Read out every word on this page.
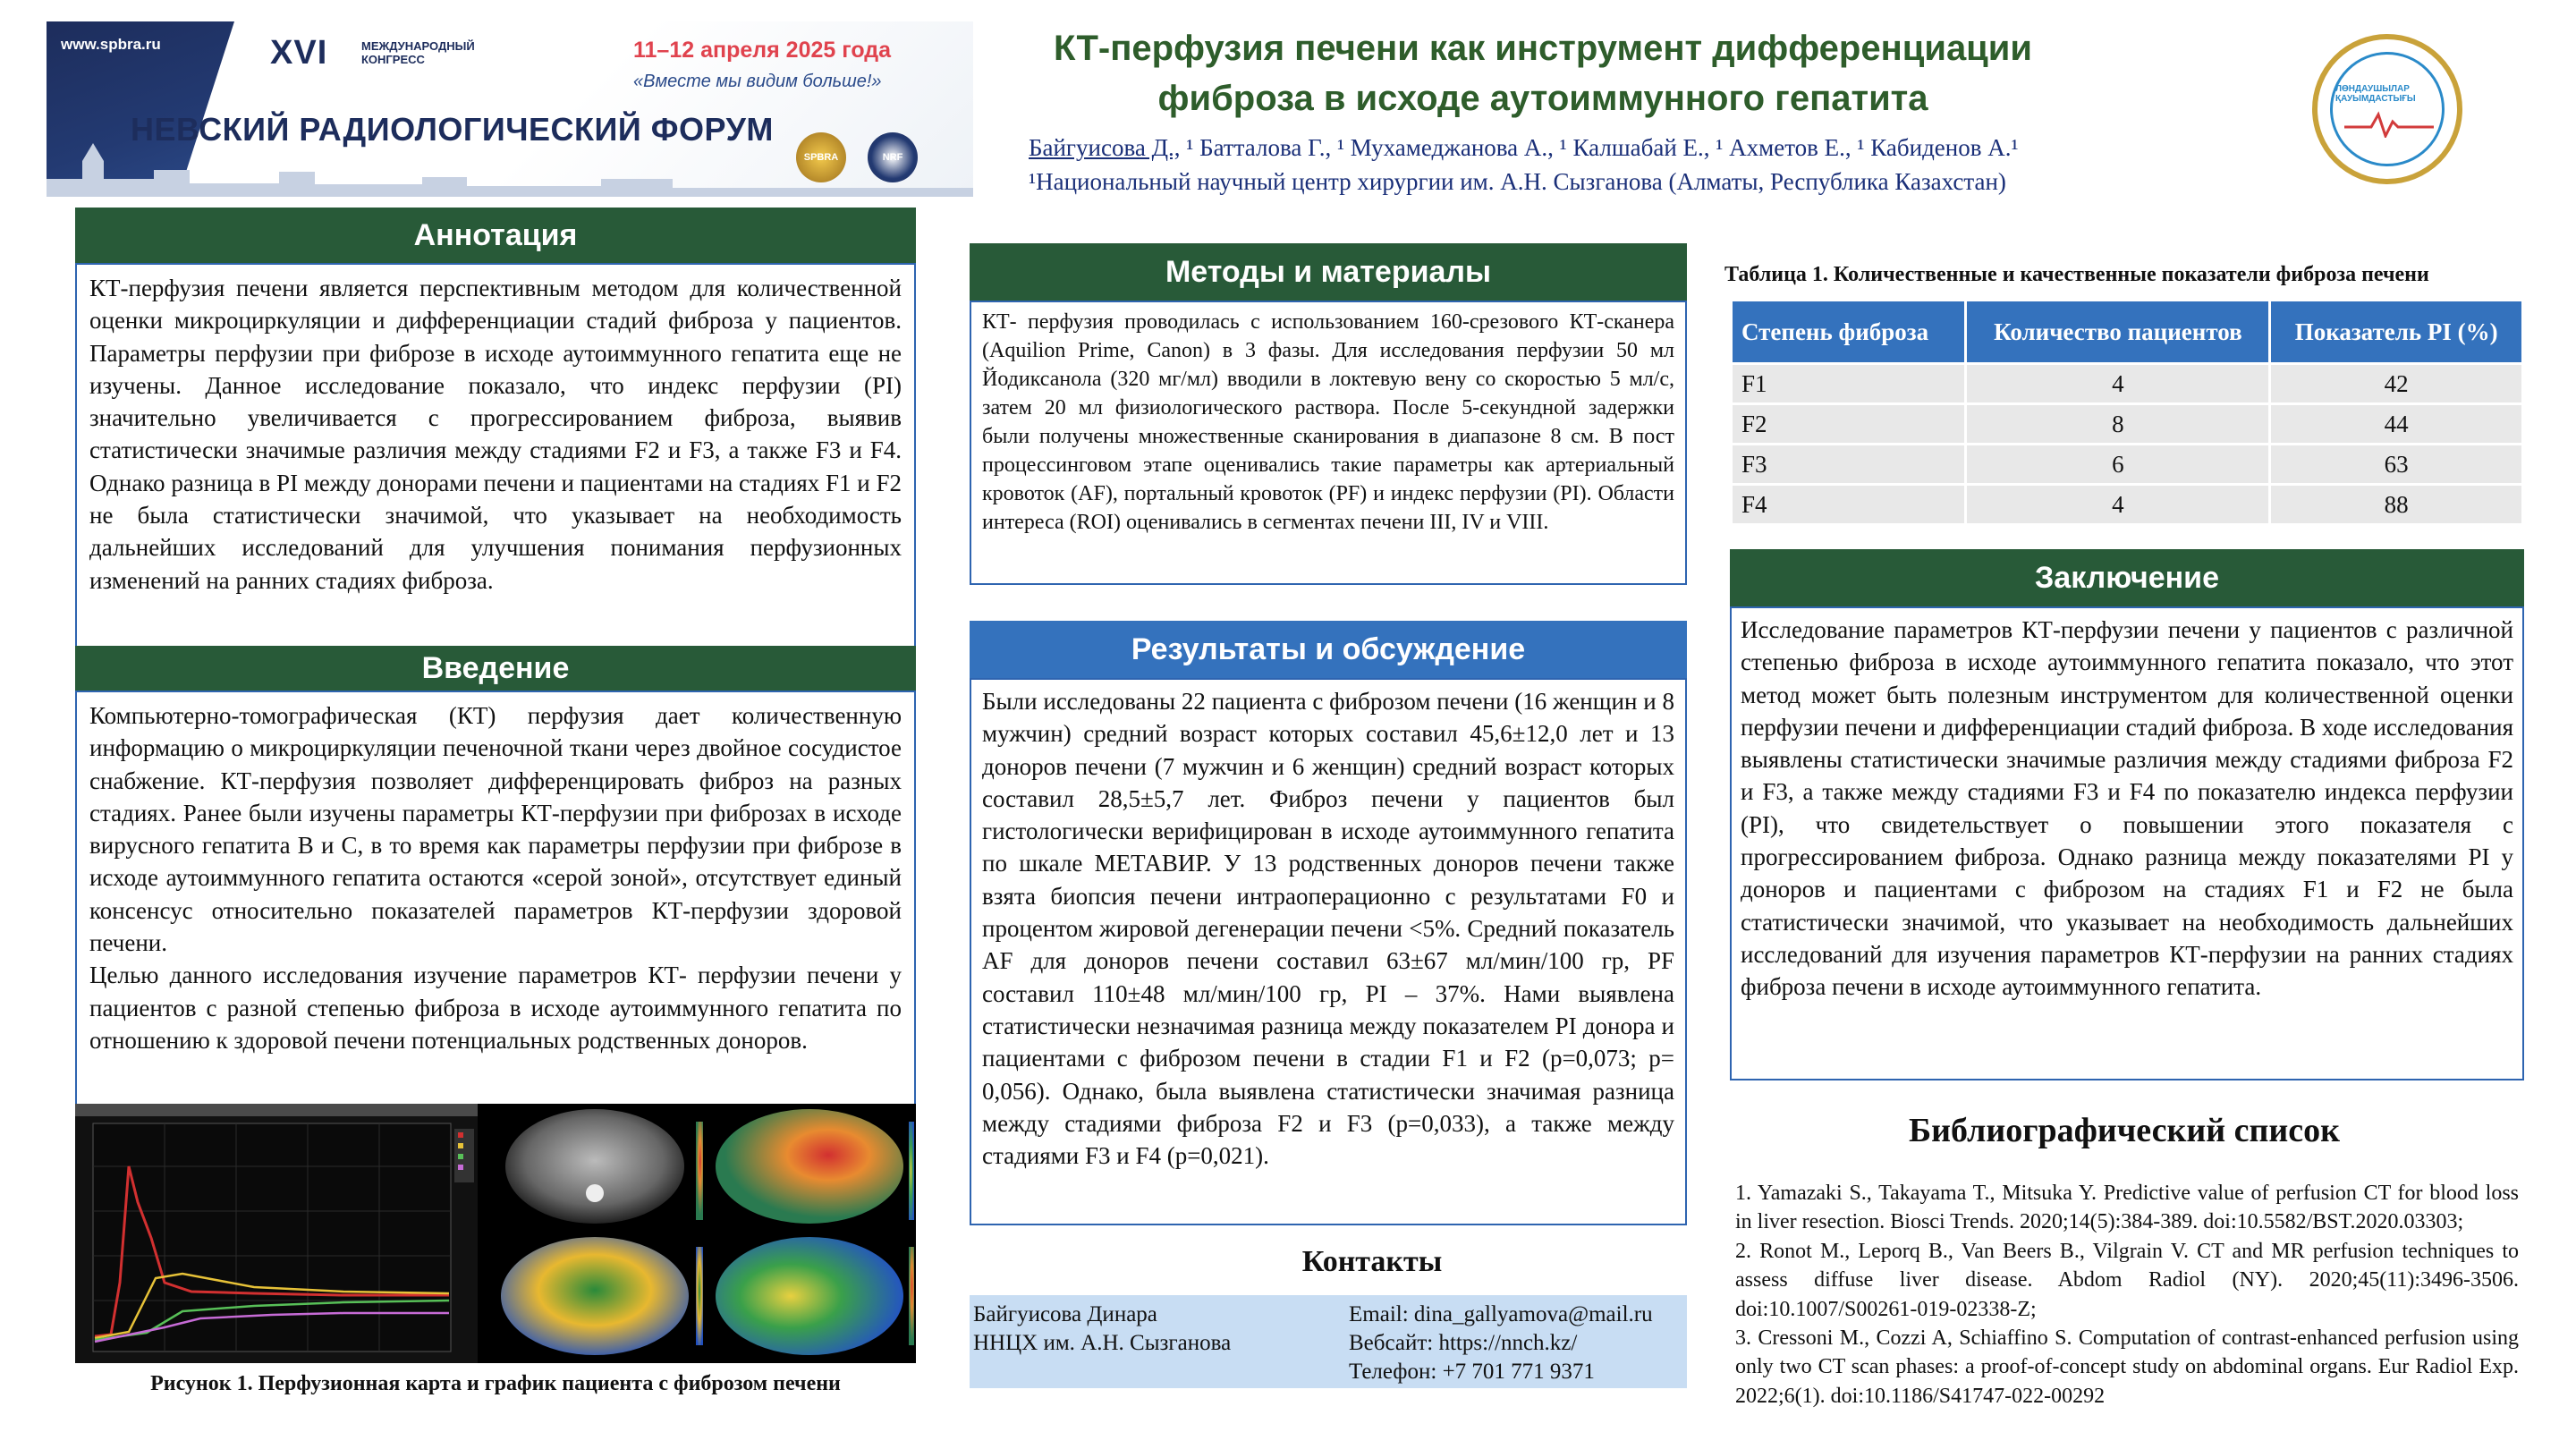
www.spbra.ru	XVI	МЕЖДУНАРОДНЫЙ КОНГРЕСС	11–12 апреля 2025 года
«Вместе мы видим больше!»
НЕВСКИЙ РАДИОЛОГИЧЕСКИЙ ФОРУМ
SPBRA	NRF
КТ-перфузия печени как инструмент дифференциации
фиброза в исходе аутоиммунного гепатита
Байгуисова Д., ¹ Батталова Г., ¹ Мухамеджанова А., ¹ Калшабай Е., ¹ Ахметов Е., ¹ Кабиденов А.¹
¹Национальный научный центр хирургии им. А.Н. Сызганова (Алматы, Республика Казахстан)
ЛӨНДАУШЫЛАР ҚАУЫМДАСТЫҒЫ
Аннотация
КТ-перфузия печени является перспективным методом для количественной оценки микроциркуляции и дифференциации стадий фиброза у пациентов. Параметры перфузии при фиброзе в исходе аутоиммунного гепатита еще не изучены. Данное исследование показало, что индекс перфузии (PI) значительно увеличивается с прогрессированием фиброза, выявив статистически значимые различия между стадиями F2 и F3, а также F3 и F4. Однако разница в PI между донорами печени и пациентами на стадиях F1 и F2 не была статистически значимой, что указывает на необходимость дальнейших исследований для улучшения понимания перфузионных изменений на ранних стадиях фиброза.
Введение

Компьютерно-томографическая (КТ) перфузия дает количественную информацию о микроциркуляции печеночной ткани через двойное сосудистое снабжение. КТ-перфузия позволяет дифференцировать фиброз на разных стадиях. Ранее были изучены параметры КТ-перфузии при фиброзах в исходе вирусного гепатита B и C, в то время как параметры перфузии при фиброзе в исходе аутоиммунного гепатита остаются «серой зоной», отсутствует единый консенсус относительно показателей параметров КТ-перфузии здоровой печени.

Целью данного исследования изучение параметров КТ- перфузии печени у пациентов с разной степенью фиброза в исходе аутоиммунного гепатита по отношению к здоровой печени потенциальных родственных доноров.

Рисунок 1. Перфузионная карта и график пациента с фиброзом печени
Методы и материалы
КТ- перфузия проводилась с использованием 160-срезового КТ-сканера (Aquilion Prime, Canon) в 3 фазы. Для исследования перфузии 50 мл Йодиксанола (320 мг/мл) вводили в локтевую вену со скоростью 5 мл/с, затем 20 мл физиологического раствора. После 5-секундной задержки были получены множественные сканирования в диапазоне 8 см. В пост процессинговом этапе оценивались такие параметры как артериальный кровоток (AF), портальный кровоток (PF) и индекс перфузии (PI). Области интереса (ROI) оценивались в сегментах печени III, IV и VIII.
Результаты и обсуждение
Были исследованы 22 пациента с фиброзом печени (16 женщин и 8 мужчин) средний возраст которых составил 45,6±12,0 лет и 13 доноров печени (7 мужчин и 6 женщин) средний возраст которых составил 28,5±5,7 лет. Фиброз печени у пациентов был гистологически верифицирован в исходе аутоиммунного гепатита по шкале МЕТАВИР. У 13 родственных доноров печени также взята биопсия печени интраоперационно с результатами F0 и процентом жировой дегенерации печени <5%. Средний показатель AF для доноров печени составил 63±67 мл/мин/100 гр, PF составил 110±48 мл/мин/100 гр, PI – 37%. Нами выявлена статистически незначимая разница между показателем PI донора и пациентами с фиброзом печени в стадии F1 и F2 (p=0,073; p= 0,056). Однако, была выявлена статистически значимая разница между стадиями фиброза F2 и F3 (p=0,033), а также между стадиями F3 и F4 (p=0,021).
Контакты
Байгуисова Динара
ННЦХ им. А.Н. Сызганова
Email: dina_gallyamova@mail.ru
Вебсайт: https://nnch.kz/
Телефон: +7 701 771 9371
Таблица 1. Количественные и качественные показатели фиброза печени
Степень фиброза	Количество пациентов	Показатель PI (%)
F1	4	42
F2	8	44
F3	6	63
F4	4	88
Заключение
Исследование параметров КТ-перфузии печени у пациентов с различной степенью фиброза в исходе аутоиммунного гепатита показало, что этот метод может быть полезным инструментом для количественной оценки перфузии печени и дифференциации стадий фиброза. В ходе исследования выявлены статистически значимые различия между стадиями фиброза F2 и F3, а также между стадиями F3 и F4 по показателю индекса перфузии (PI), что свидетельствует о повышении этого показателя с прогрессированием фиброза. Однако разница между показателями PI у доноров и пациентами с фиброзом на стадиях F1 и F2 не была статистически значимой, что указывает на необходимость дальнейших исследований для изучения параметров КТ-перфузии на ранних стадиях фиброза печени в исходе аутоиммунного гепатита.
Библиографический список

1. Yamazaki S., Takayama T., Mitsuka Y. Predictive value of perfusion CT for blood loss in liver resection. Biosci Trends. 2020;14(5):384-389. doi:10.5582/BST.2020.03303;

2. Ronot M., Leporq B., Van Beers B., Vilgrain V. CT and MR perfusion techniques to assess diffuse liver disease. Abdom Radiol (NY). 2020;45(11):3496-3506. doi:10.1007/S00261-019-02338-Z;

3. Cressoni M., Cozzi A, Schiaffino S. Computation of contrast-enhanced perfusion using only two CT scan phases: a proof-of-concept study on abdominal organs. Eur Radiol Exp. 2022;6(1). doi:10.1186/S41747-022-00292
